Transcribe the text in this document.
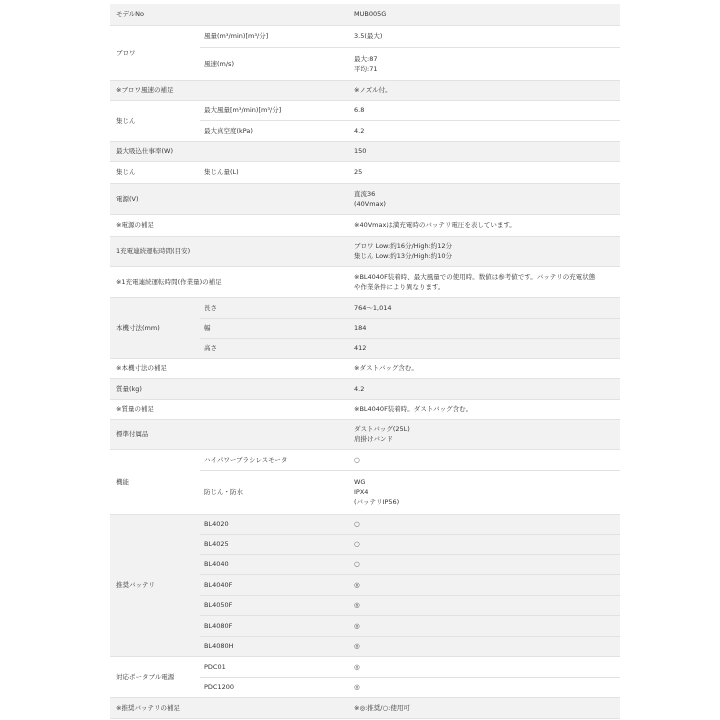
モデルNo		MUB005G
ブロワ	風量(m³/min)[m³/分]	3.5(最大)
	風速(m/s)	最大:87
平均:71

※ブロワ風速の補足		※ノズル付。
集じん	最大風量[m³/min)[m³/分]	6.8
	最大真空度(kPa)	4.2
最大吸込仕事率(W)		150
集じん	集じん量(L)	25
電源(V)		直流36
(40Vmax)

※電源の補足		※40Vmaxは満充電時のバッテリ電圧を表しています。
1充電連続運転時間(目安)		ブロワ Low:約16分/High:約12分
集じん Low:約13分/High:約10分

※1充電連続運転時間(作業量)の補足		※BL4040F装着時、最大風量での使用時。数値は参考値です。バッテリの充電状態
や作業条件により異なります。

本機寸法(mm)	長さ	764～1,014
	幅	184
	高さ	412
※本機寸法の補足		※ダストバッグ含む。
質量(kg)		4.2
※質量の補足		※BL4040F装着時。ダストバッグ含む。
標準付属品		ダストバッグ(25L)
肩掛けバンド

機能	ハイパワーブラシレスモータ	○
	防じん・防水	WG
IPX4
(バッテリIP56)

推奨バッテリ	BL4020	○
	BL4025	○
	BL4040	○
	BL4040F	◎
	BL4050F	◎
	BL4080F	◎
	BL4080H	◎
対応ポータブル電源	PDC01	◎
	PDC1200	◎
※推奨バッテリの補足		※◎:推奨/○:使用可
